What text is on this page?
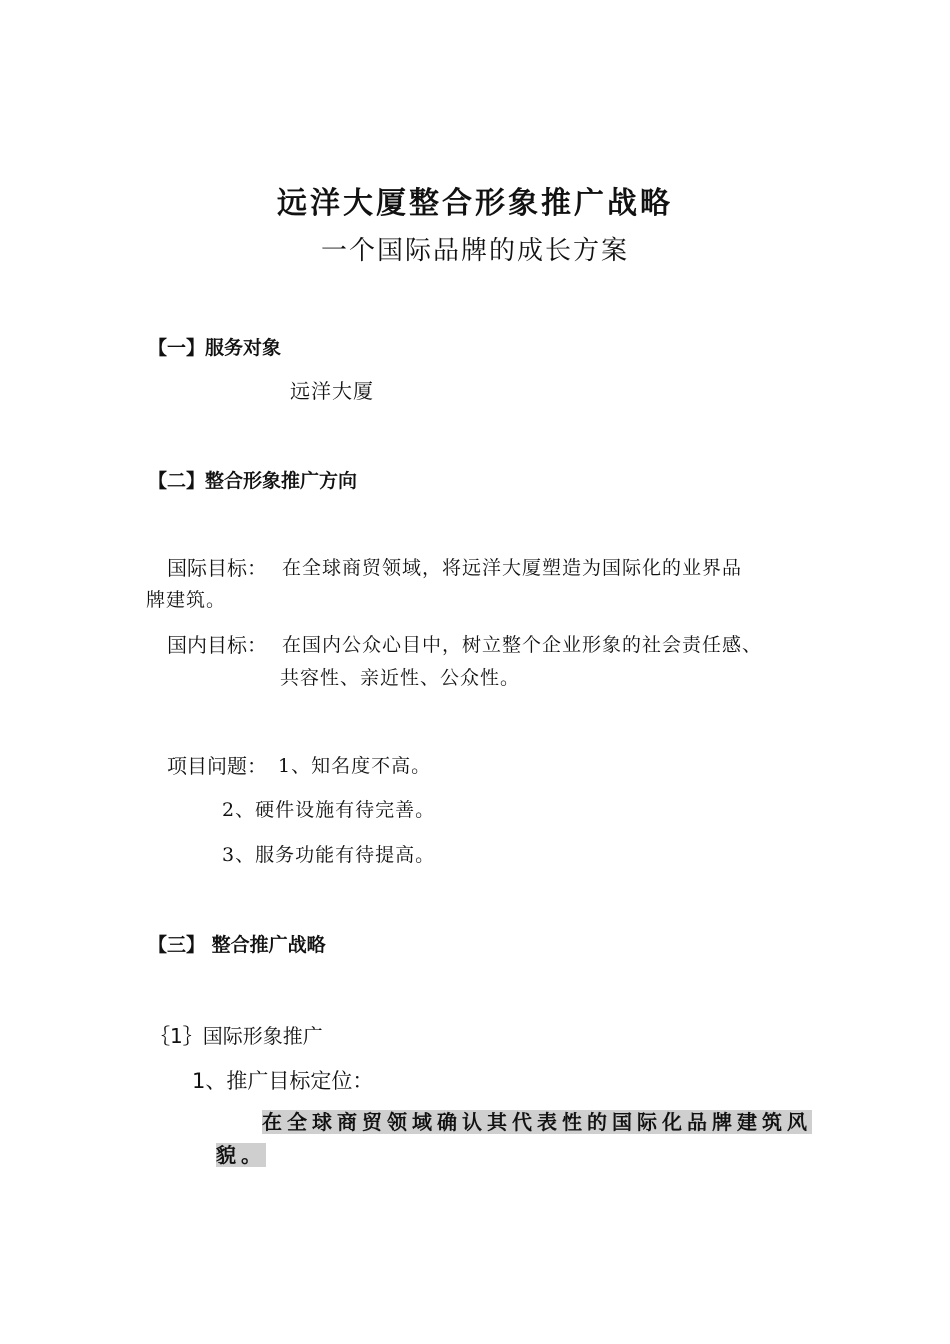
远洋大厦整合形象推广战略
一个国际品牌的成长方案
【一】服务对象
远洋大厦
【二】整合形象推广方向
国际目标： 在全球商贸领域，将远洋大厦塑造为国际化的业界品
牌建筑。
国内目标： 在国内公众心目中，树立整个企业形象的社会责任感、
共容性、亲近性、公众性。
项目问题： 1、知名度不高。
2、硬件设施有待完善。
3、服务功能有待提高。
【三】 整合推广战略
｛1｝国际形象推广
1、推广目标定位：
在全球商贸领域确认其代表性的国际化品牌建筑风
貌。
